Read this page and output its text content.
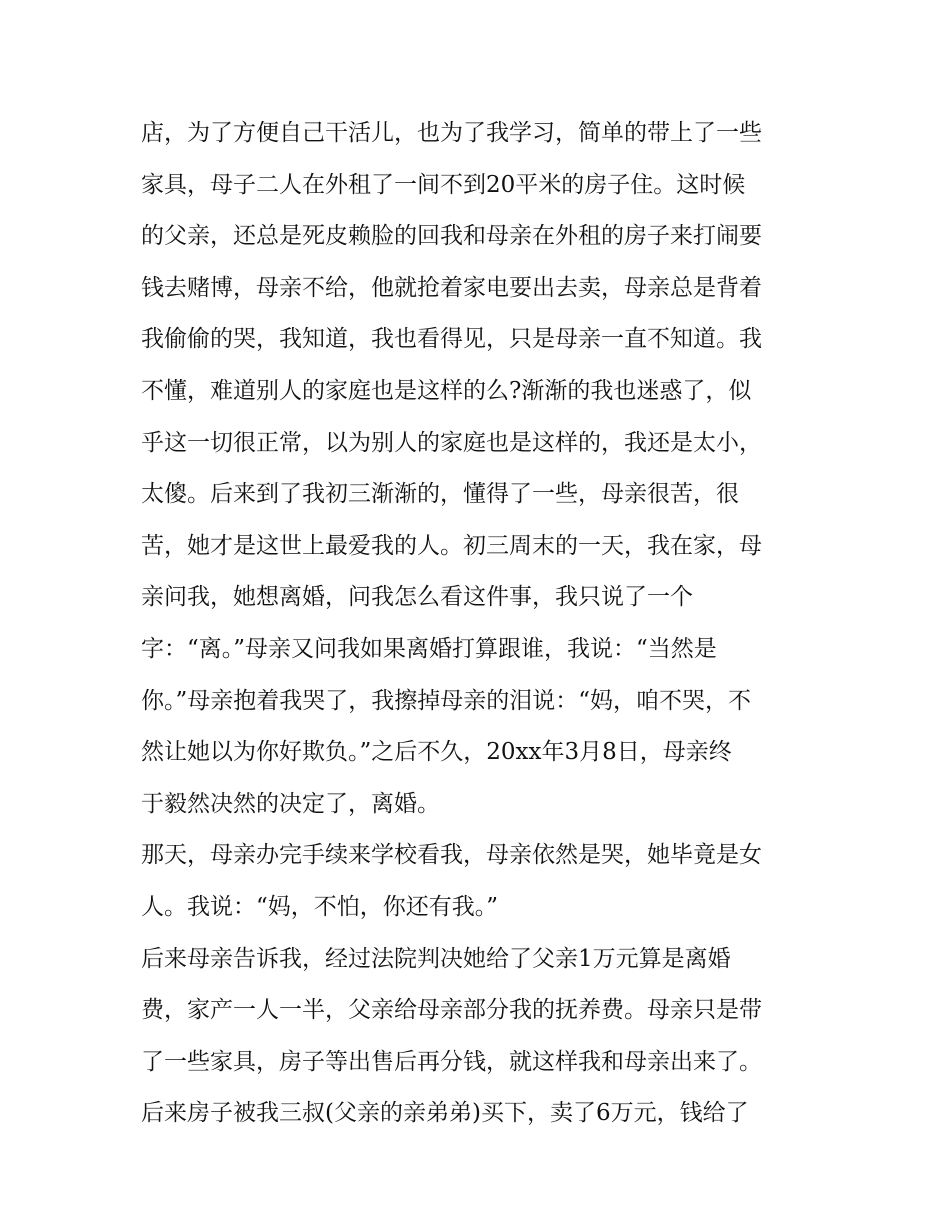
店，为了方便自己干活儿，也为了我学习，简单的带上了一些
家具，母子二人在外租了一间不到20平米的房子住。这时候
的父亲，还总是死皮赖脸的回我和母亲在外租的房子来打闹要
钱去赌博，母亲不给，他就抢着家电要出去卖，母亲总是背着
我偷偷的哭，我知道，我也看得见，只是母亲一直不知道。我
不懂，难道别人的家庭也是这样的么?渐渐的我也迷惑了，似
乎这一切很正常，以为别人的家庭也是这样的，我还是太小，
太傻。后来到了我初三渐渐的，懂得了一些，母亲很苦，很
苦，她才是这世上最爱我的人。初三周末的一天，我在家，母
亲问我，她想离婚，问我怎么看这件事，我只说了一个
字：“离。”母亲又问我如果离婚打算跟谁，我说：“当然是
你。”母亲抱着我哭了，我擦掉母亲的泪说：“妈，咱不哭，不
然让她以为你好欺负。”之后不久，20xx年3月8日，母亲终
于毅然决然的决定了，离婚。
那天，母亲办完手续来学校看我，母亲依然是哭，她毕竟是女
人。我说：“妈，不怕，你还有我。”
后来母亲告诉我，经过法院判决她给了父亲1万元算是离婚
费，家产一人一半，父亲给母亲部分我的抚养费。母亲只是带
了一些家具，房子等出售后再分钱，就这样我和母亲出来了。
后来房子被我三叔(父亲的亲弟弟)买下，卖了6万元，钱给了
